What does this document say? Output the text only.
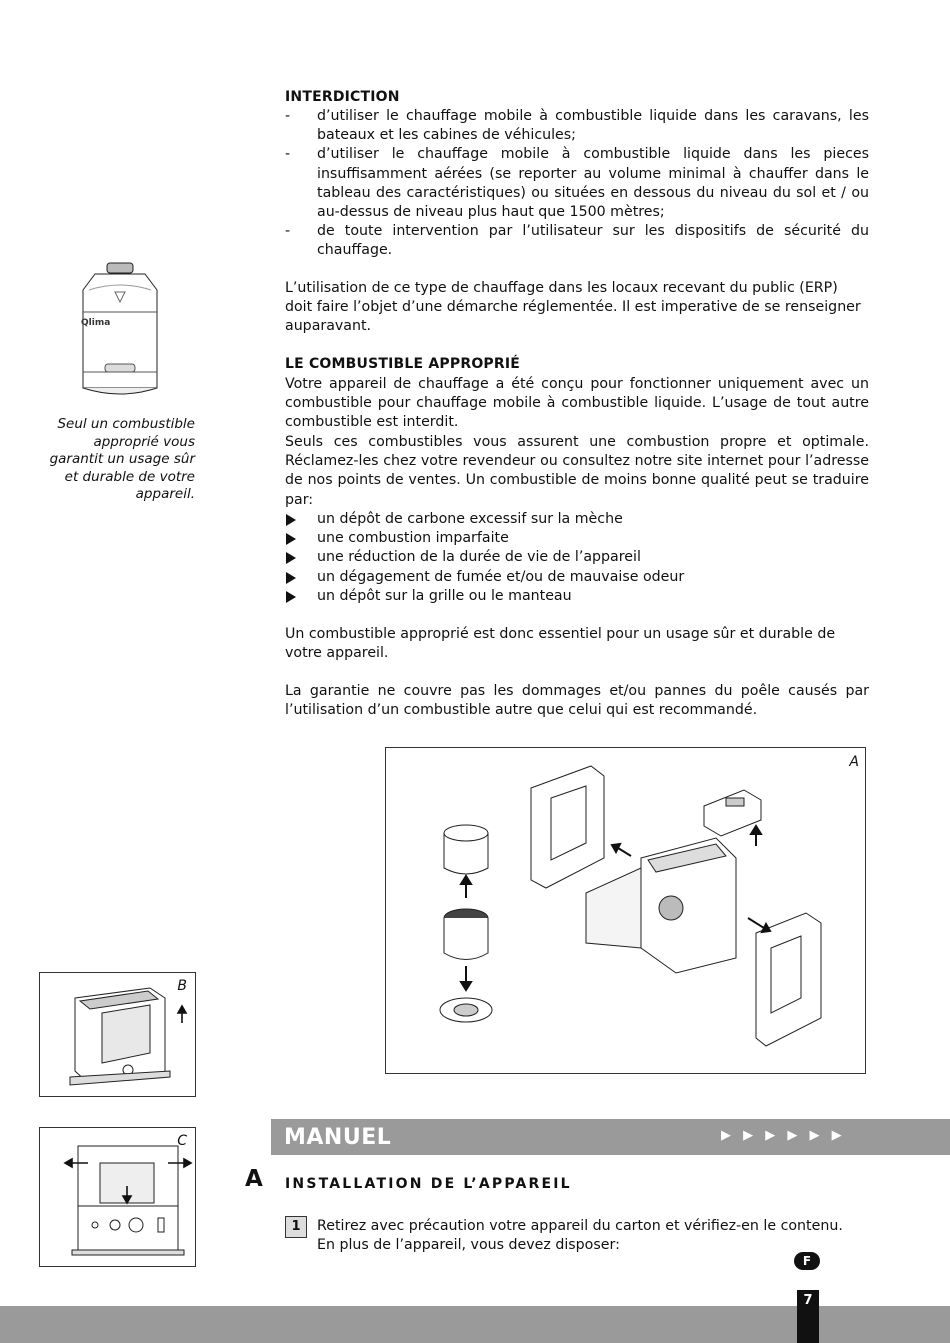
INTERDICTION
- d’utiliser le chauffage mobile à combustible liquide dans les caravans, les bateaux et les cabines de véhicules;
- d’utiliser le chauffage mobile à combustible liquide dans les pieces insuffisamment aérées (se reporter au volume minimal à chauffer dans le tableau des caractéristiques) ou situées en dessous du niveau du sol et / ou au-dessus de niveau plus haut que 1500 mètres;
- de toute intervention par l’utilisateur sur les dispositifs de sécurité du chauffage.
L’utilisation de ce type de chauffage dans les locaux recevant du public (ERP) doit faire l’objet d’une démarche réglementée. Il est imperative de se renseigner auparavant.
Qlima
Seul un combustible approprié vous garantit un usage sûr et durable de votre appareil.
LE COMBUSTIBLE APPROPRIÉ
Votre appareil de chauffage a été conçu pour fonctionner uniquement avec un combustible pour chauffage mobile à combustible liquide. L’usage de tout autre combustible est interdit.
Seuls ces combustibles vous assurent une combustion propre et optimale. Réclamez-les chez votre revendeur ou consultez notre site internet pour l’adresse de nos points de ventes. Un combustible de moins bonne qualité peut se traduire par:
un dépôt de carbone excessif sur la mèche
une combustion imparfaite
une réduction de la durée de vie de l’appareil
un dégagement de fumée et/ou de mauvaise odeur
un dépôt sur la grille ou le manteau
Un combustible approprié est donc essentiel pour un usage sûr et durable de votre appareil.
La garantie ne couvre pas les dommages et/ou pannes du poêle causés par l’utilisation d’un combustible autre que celui qui est recommandé.
A
B
C	MANUEL	▶ ▶ ▶ ▶ ▶ ▶
A INSTALLATION DE L’APPAREIL
1	Retirez avec précaution votre appareil du carton et vérifiez-en le contenu.
En plus de l’appareil, vous devez disposer:
F
7
